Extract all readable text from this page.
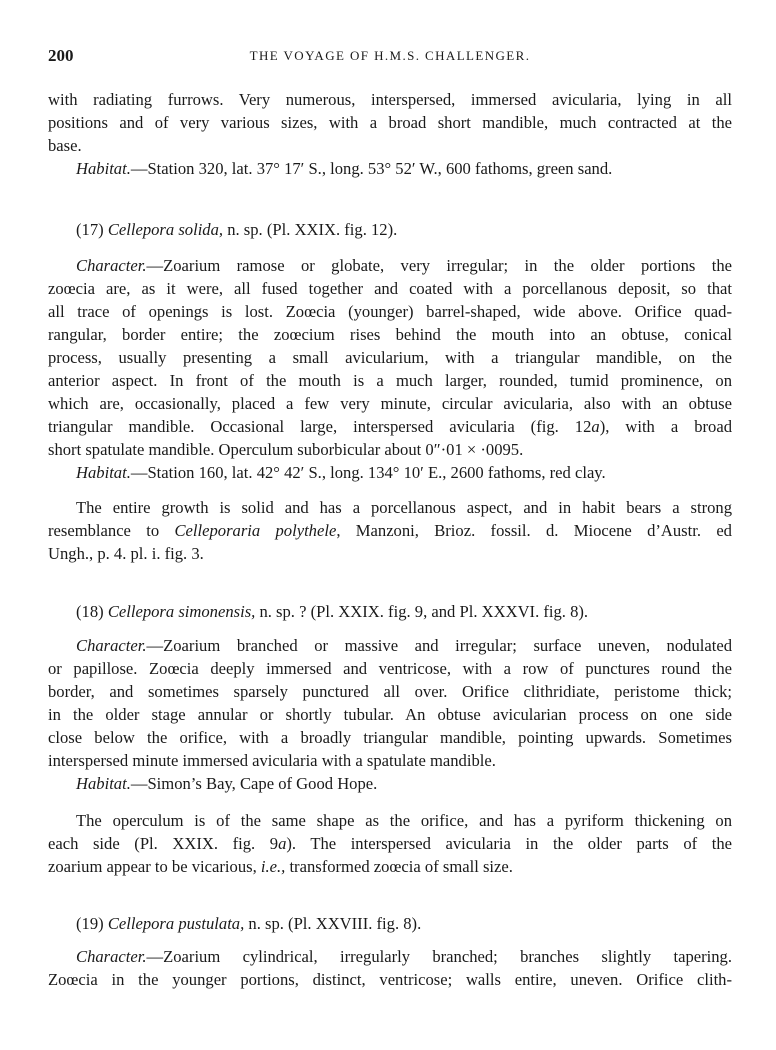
200	THE VOYAGE OF H.M.S. CHALLENGER.
with radiating furrows. Very numerous, interspersed, immersed avicularia, lying in all
positions and of very various sizes, with a broad short mandible, much contracted at the
base.
Habitat.—Station 320, lat. 37° 17′ S., long. 53° 52′ W., 600 fathoms, green sand.
(17) Cellepora solida, n. sp. (Pl. XXIX. fig. 12).
Character.—Zoarium ramose or globate, very irregular; in the older portions the
zoœcia are, as it were, all fused together and coated with a porcellanous deposit, so that
all trace of openings is lost. Zoœcia (younger) barrel-shaped, wide above. Orifice quad-
rangular, border entire; the zoœcium rises behind the mouth into an obtuse, conical
process, usually presenting a small avicularium, with a triangular mandible, on the
anterior aspect. In front of the mouth is a much larger, rounded, tumid prominence, on
which are, occasionally, placed a few very minute, circular avicularia, also with an obtuse
triangular mandible. Occasional large, interspersed avicularia (fig. 12a), with a broad
short spatulate mandible. Operculum suborbicular about 0″·01 × ·0095.
Habitat.—Station 160, lat. 42° 42′ S., long. 134° 10′ E., 2600 fathoms, red clay.
The entire growth is solid and has a porcellanous aspect, and in habit bears a strong
resemblance to Celleporaria polythele, Manzoni, Brioz. fossil. d. Miocene d’Austr. ed
Ungh., p. 4. pl. i. fig. 3.
(18) Cellepora simonensis, n. sp. ? (Pl. XXIX. fig. 9, and Pl. XXXVI. fig. 8).
Character.—Zoarium branched or massive and irregular; surface uneven, nodulated
or papillose. Zoœcia deeply immersed and ventricose, with a row of punctures round the
border, and sometimes sparsely punctured all over. Orifice clithridiate, peristome thick;
in the older stage annular or shortly tubular. An obtuse avicularian process on one side
close below the orifice, with a broadly triangular mandible, pointing upwards. Sometimes
interspersed minute immersed avicularia with a spatulate mandible.
Habitat.—Simon’s Bay, Cape of Good Hope.
The operculum is of the same shape as the orifice, and has a pyriform thickening on
each side (Pl. XXIX. fig. 9a). The interspersed avicularia in the older parts of the
zoarium appear to be vicarious, i.e., transformed zoœcia of small size.
(19) Cellepora pustulata, n. sp. (Pl. XXVIII. fig. 8).
Character.—Zoarium cylindrical, irregularly branched; branches slightly tapering.
Zoœcia in the younger portions, distinct, ventricose; walls entire, uneven. Orifice clith-
